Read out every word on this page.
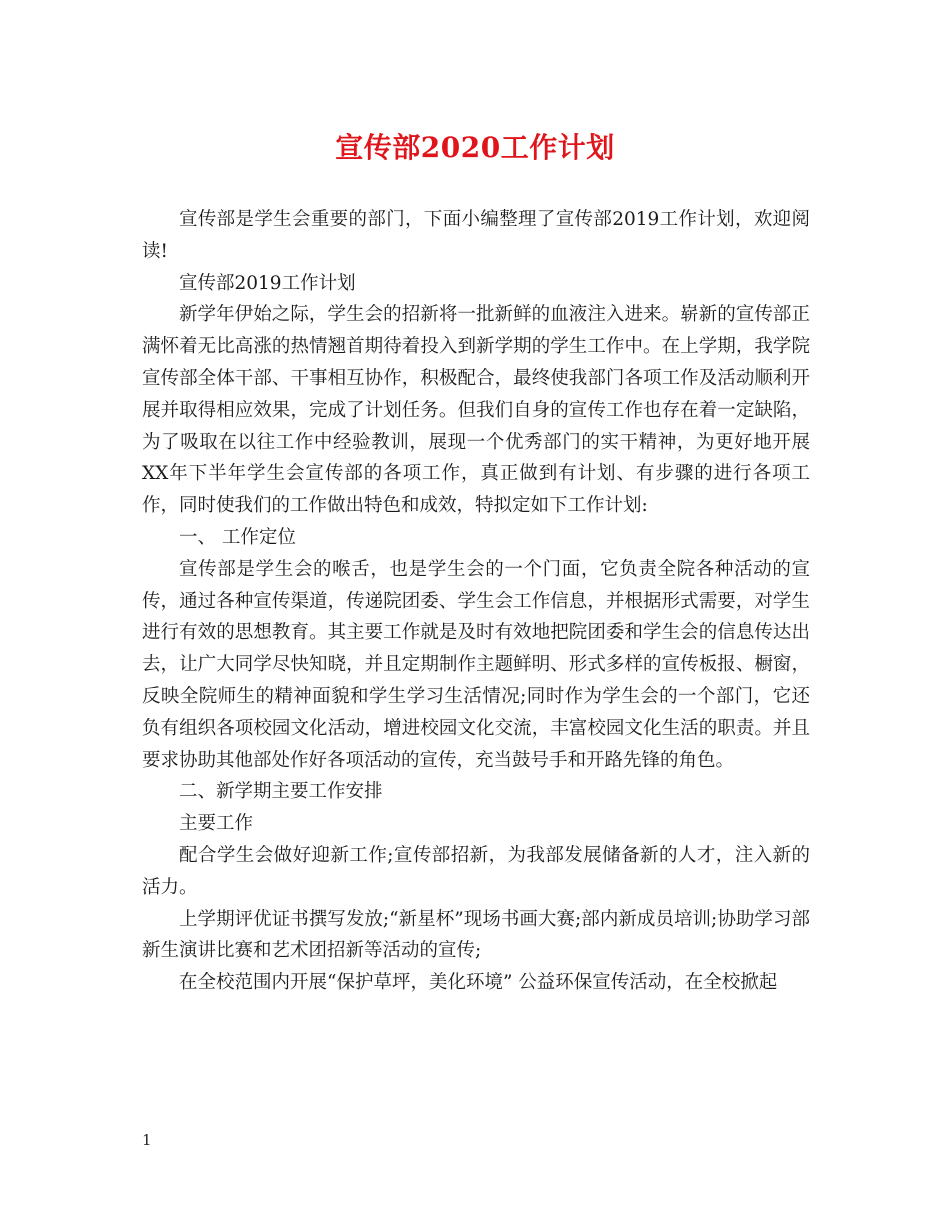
宣传部2020工作计划

宣传部是学生会重要的部门，下面小编整理了宣传部2019工作计划，欢迎阅读!

宣传部2019工作计划

新学年伊始之际，学生会的招新将一批新鲜的血液注入进来。崭新的宣传部正满怀着无比高涨的热情翘首期待着投入到新学期的学生工作中。在上学期，我学院宣传部全体干部、干事相互协作，积极配合，最终使我部门各项工作及活动顺利开展并取得相应效果，完成了计划任务。但我们自身的宣传工作也存在着一定缺陷，为了吸取在以往工作中经验教训，展现一个优秀部门的实干精神，为更好地开展XX年下半年学生会宣传部的各项工作，真正做到有计划、有步骤的进行各项工作，同时使我们的工作做出特色和成效，特拟定如下工作计划:

一、 工作定位

宣传部是学生会的喉舌，也是学生会的一个门面，它负责全院各种活动的宣传，通过各种宣传渠道，传递院团委、学生会工作信息，并根据形式需要，对学生进行有效的思想教育。其主要工作就是及时有效地把院团委和学生会的信息传达出去，让广大同学尽快知晓，并且定期制作主题鲜明、形式多样的宣传板报、橱窗，反映全院师生的精神面貌和学生学习生活情况;同时作为学生会的一个部门，它还负有组织各项校园文化活动，增进校园文化交流，丰富校园文化生活的职责。并且要求协助其他部处作好各项活动的宣传，充当鼓号手和开路先锋的角色。

二、新学期主要工作安排

主要工作

配合学生会做好迎新工作;宣传部招新，为我部发展储备新的人才，注入新的活力。

上学期评优证书撰写发放;“新星杯”现场书画大赛;部内新成员培训;协助学习部新生演讲比赛和艺术团招新等活动的宣传;

在全校范围内开展“保护草坪，美化环境” 公益环保宣传活动，在全校掀起

1
